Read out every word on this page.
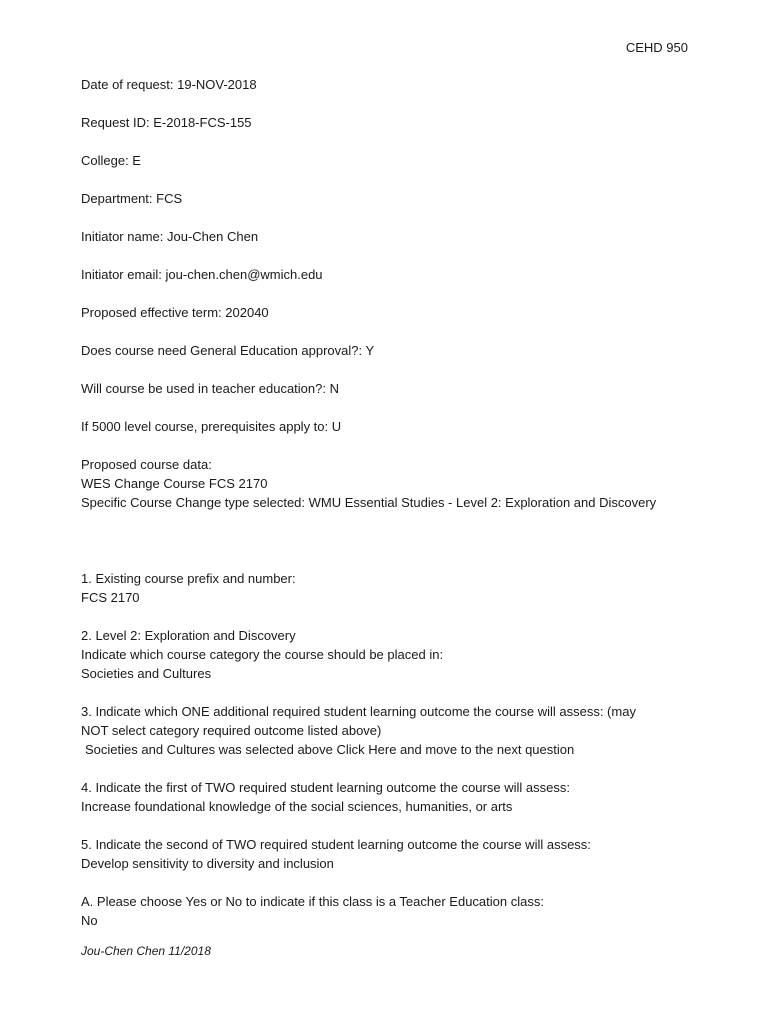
CEHD 950
Date of request: 19-NOV-2018
Request ID: E-2018-FCS-155
College: E
Department: FCS
Initiator name: Jou-Chen Chen
Initiator email: jou-chen.chen@wmich.edu
Proposed effective term: 202040
Does course need General Education approval?: Y
Will course be used in teacher education?: N
If 5000 level course, prerequisites apply to: U
Proposed course data:
WES Change Course FCS 2170
Specific Course Change type selected: WMU Essential Studies - Level 2: Exploration and Discovery
1. Existing course prefix and number:
FCS 2170
2. Level 2: Exploration and Discovery
Indicate which course category the course should be placed in:
Societies and Cultures
3. Indicate which ONE additional required student learning outcome the course will assess: (may
NOT select category required outcome listed above)
Societies and Cultures was selected above Click Here and move to the next question
4. Indicate the first of TWO required student learning outcome the course will assess:
Increase foundational knowledge of the social sciences, humanities, or arts
5. Indicate the second of TWO required student learning outcome the course will assess:
Develop sensitivity to diversity and inclusion
A. Please choose Yes or No to indicate if this class is a Teacher Education class:
No
Jou-Chen Chen 11/2018
